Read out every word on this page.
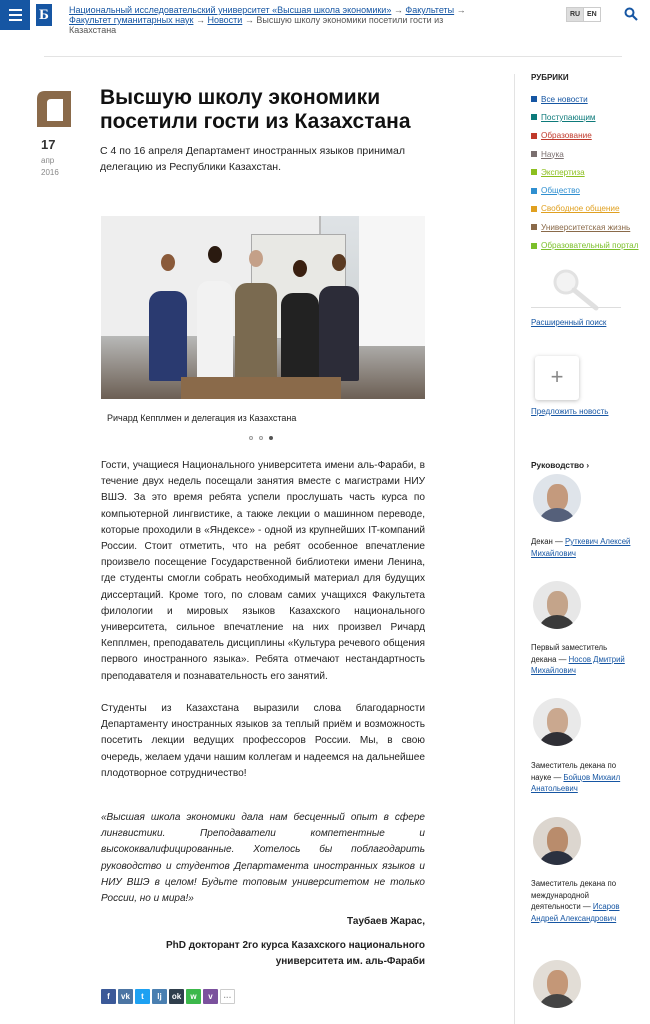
Б	Национальный исследовательский университет «Высшая школа экономики» → Факультеты → Факультет гуманитарных наук → Новости → Высшую школу экономики посетили гости из Казахстана
RU EN
17
апр
2016
Высшую школу экономики посетили гости из Казахстана

С 4 по 16 апреля Департамент иностранных языков принимал делегацию из Республики Казахстан.

Ричард Кепплмен и делегация из Казахстана

Гости, учащиеся Национального университета имени аль-Фараби, в течение двух недель посещали занятия вместе с магистрами НИУ ВШЭ. За это время ребята успели прослушать часть курса по компьютерной лингвистике, а также лекции о машинном переводе, которые проходили в «Яндексе» - одной из крупнейших IT-компаний России. Стоит отметить, что на ребят особенное впечатление произвело посещение Государственной библиотеки имени Ленина, где студенты смогли собрать необходимый материал для будущих диссертаций. Кроме того, по словам самих учащихся Факультета филологии и мировых языков Казахского национального университета, сильное впечатление на них произвел Ричард Кепплмен, преподаватель дисциплины «Культура речевого общения первого иностранного языка». Ребята отмечают нестандартность преподавателя и познавательность его занятий.

Студенты из Казахстана выразили слова благодарности Департаменту иностранных языков за теплый приём и возможность посетить лекции ведущих профессоров России. Мы, в свою очередь, желаем удачи нашим коллегам и надеемся на дальнейшее плодотворное сотрудничество!

«Высшая школа экономики дала нам бесценный опыт в сфере лингвистики. Преподаватели компетентные и высококвалифицированные. Хотелось бы поблагодарить руководство и студентов Департамента иностранных языков и НИУ ВШЭ в целом! Будьте топовым университетом не только России, но и мира!»

Таубаев Жарас,
PhD докторант 2го курса Казахского национального университета им. аль-Фараби
f	vk	t	lj	ok	w	v	···
РУБРИКИ
Все новости
Поступающим
Образование
Наука
Экспертиза
Общество
Свободное общение
Университетская жизнь
Образовательный портал
Расширенный поиск
+
Предложить новость
Руководство ›
Декан — Руткевич Алексей Михайлович
Первый заместитель декана — Носов Дмитрий Михайлович
Заместитель декана по науке — Бойцов Михаил Анатольевич
Заместитель декана по международной деятельности — Исаров Андрей Александрович
